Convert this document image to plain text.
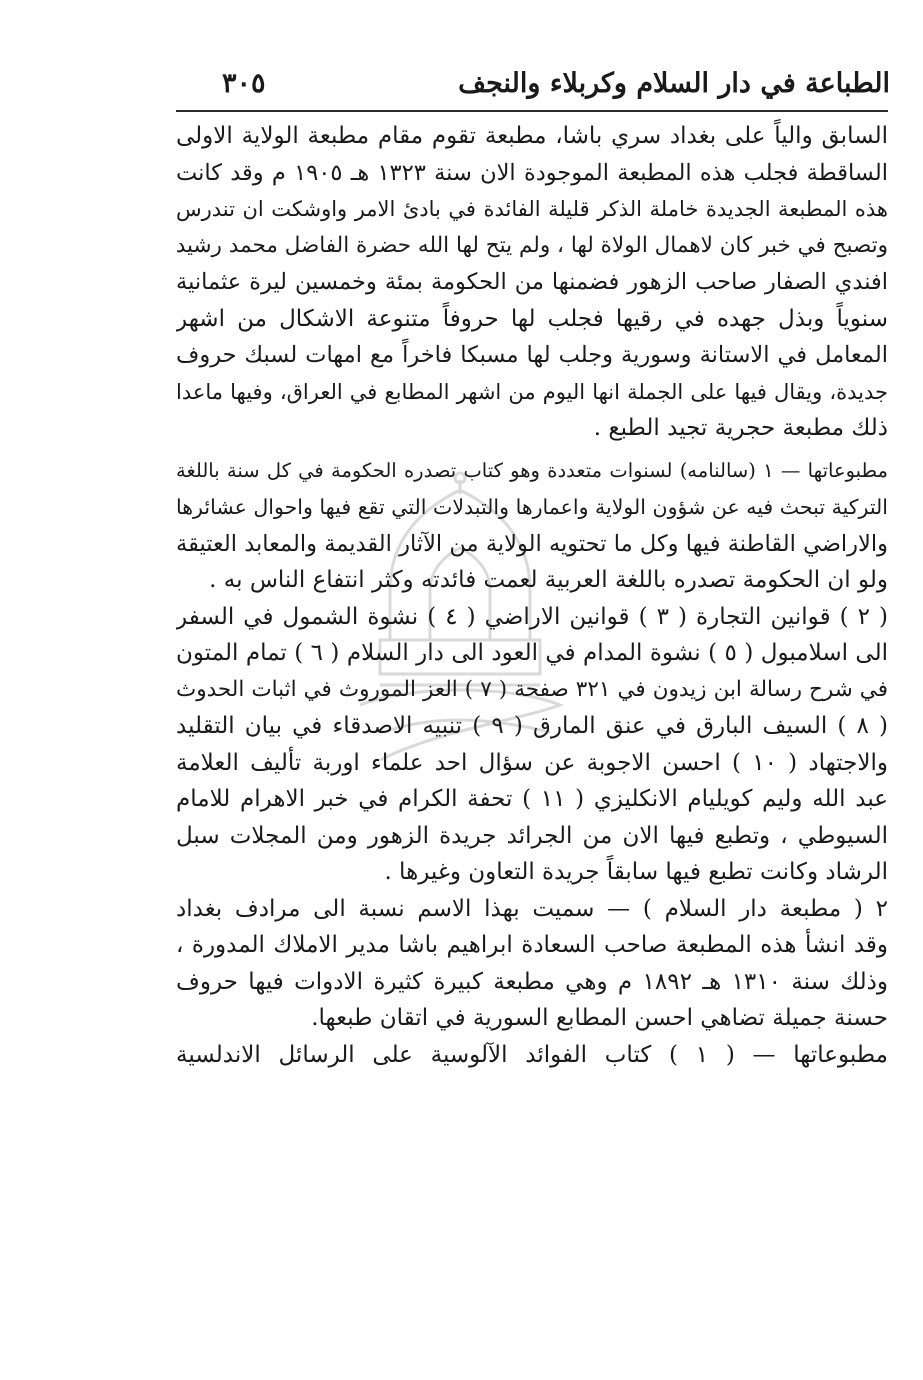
الطباعة في دار السلام وكربلاء والنجف
٣٠٥
السابق والياً على بغداد سري باشا، مطبعة تقوم مقام مطبعة الولاية الاولى
الساقطة فجلب هذه المطبعة الموجودة الان سنة ١٣٢٣ هـ ١٩٠٥ م وقد كانت
هذه المطبعة الجديدة خاملة الذكر قليلة الفائدة في بادئ الامر واوشكت ان تندرس
وتصبح في خبر كان لاهمال الولاة لها ، ولم يتح لها الله حضرة الفاضل محمد رشيد
افندي الصفار صاحب الزهور فضمنها من الحكومة بمئة وخمسين ليرة عثمانية
سنوياً وبذل جهده في رقيها فجلب لها حروفاً متنوعة الاشكال من اشهر
المعامل في الاستانة وسورية وجلب لها مسبكا فاخراً مع امهات لسبك حروف
جديدة، ويقال فيها على الجملة انها اليوم من اشهر المطابع في العراق، وفيها ماعدا
ذلك مطبعة حجرية تجيد الطبع .
مطبوعاتها — ١ (سالنامه) لسنوات متعددة وهو كتاب تصدره الحكومة في كل سنة باللغة
التركية تبحث فيه عن شؤون الولاية واعمارها والتبدلات التي تقع فيها واحوال عشائرها
والاراضي القاطنة فيها وكل ما تحتويه الولاية من الآثار القديمة والمعابد العتيقة
ولو ان الحكومة تصدره باللغة العربية لعمت فائدته وكثر انتفاع الناس به .
( ٢ ) قوانين التجارة ( ٣ ) قوانين الاراضي ( ٤ ) نشوة الشمول في السفر
الى اسلامبول ( ٥ ) نشوة المدام في العود الى دار السلام ( ٦ ) تمام المتون
في شرح رسالة ابن زيدون في ٣٢١ صفحة ( ٧ ) العز الموروث في اثبات الحدوث
( ٨ ) السيف البارق في عنق المارق ( ٩ ) تنبيه الاصدقاء في بيان التقليد
والاجتهاد ( ١٠ ) احسن الاجوبة عن سؤال احد علماء اوربة تأليف العلامة
عبد الله وليم كويليام الانكليزي ( ١١ ) تحفة الكرام في خبر الاهرام للامام
السيوطي ، وتطبع فيها الان من الجرائد جريدة الزهور ومن المجلات سبل
الرشاد وكانت تطبع فيها سابقاً جريدة التعاون وغيرها .
٢ ( مطبعة دار السلام ) — سميت بهذا الاسم نسبة الى مرادف بغداد
وقد انشأ هذه المطبعة صاحب السعادة ابراهيم باشا مدير الاملاك المدورة ،
وذلك سنة ١٣١٠ هـ ١٨٩٢ م وهي مطبعة كبيرة كثيرة الادوات فيها حروف
حسنة جميلة تضاهي احسن المطابع السورية في اتقان طبعها.
مطبوعاتها — ( ١ ) كتاب الفوائد الآلوسية على الرسائل الاندلسية
